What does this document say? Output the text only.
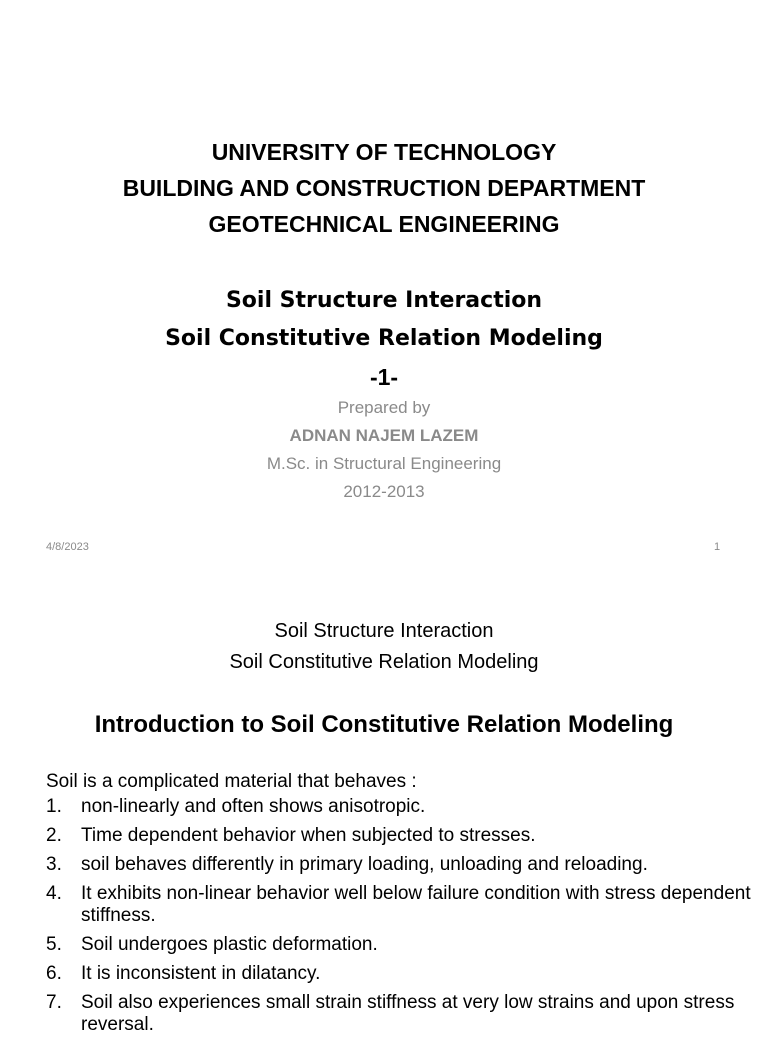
UNIVERSITY OF TECHNOLOGY
BUILDING AND CONSTRUCTION DEPARTMENT
GEOTECHNICAL ENGINEERING
Soil Structure Interaction
Soil Constitutive Relation Modeling
-1-
Prepared by
ADNAN NAJEM LAZEM
M.Sc. in Structural Engineering
2012-2013
4/8/2023	1
Soil Structure Interaction
Soil Constitutive Relation Modeling
Introduction to Soil Constitutive Relation Modeling

Soil is a complicated material that behaves :

1. non-linearly and often shows anisotropic.
2. Time dependent behavior when subjected to stresses.
3. soil behaves differently in primary loading, unloading and reloading.
4. It exhibits non-linear behavior well below failure condition with stress dependent stiffness.
5. Soil undergoes plastic deformation.
6. It is inconsistent in dilatancy.
7. Soil also experiences small strain stiffness at very low strains and upon stress reversal.
